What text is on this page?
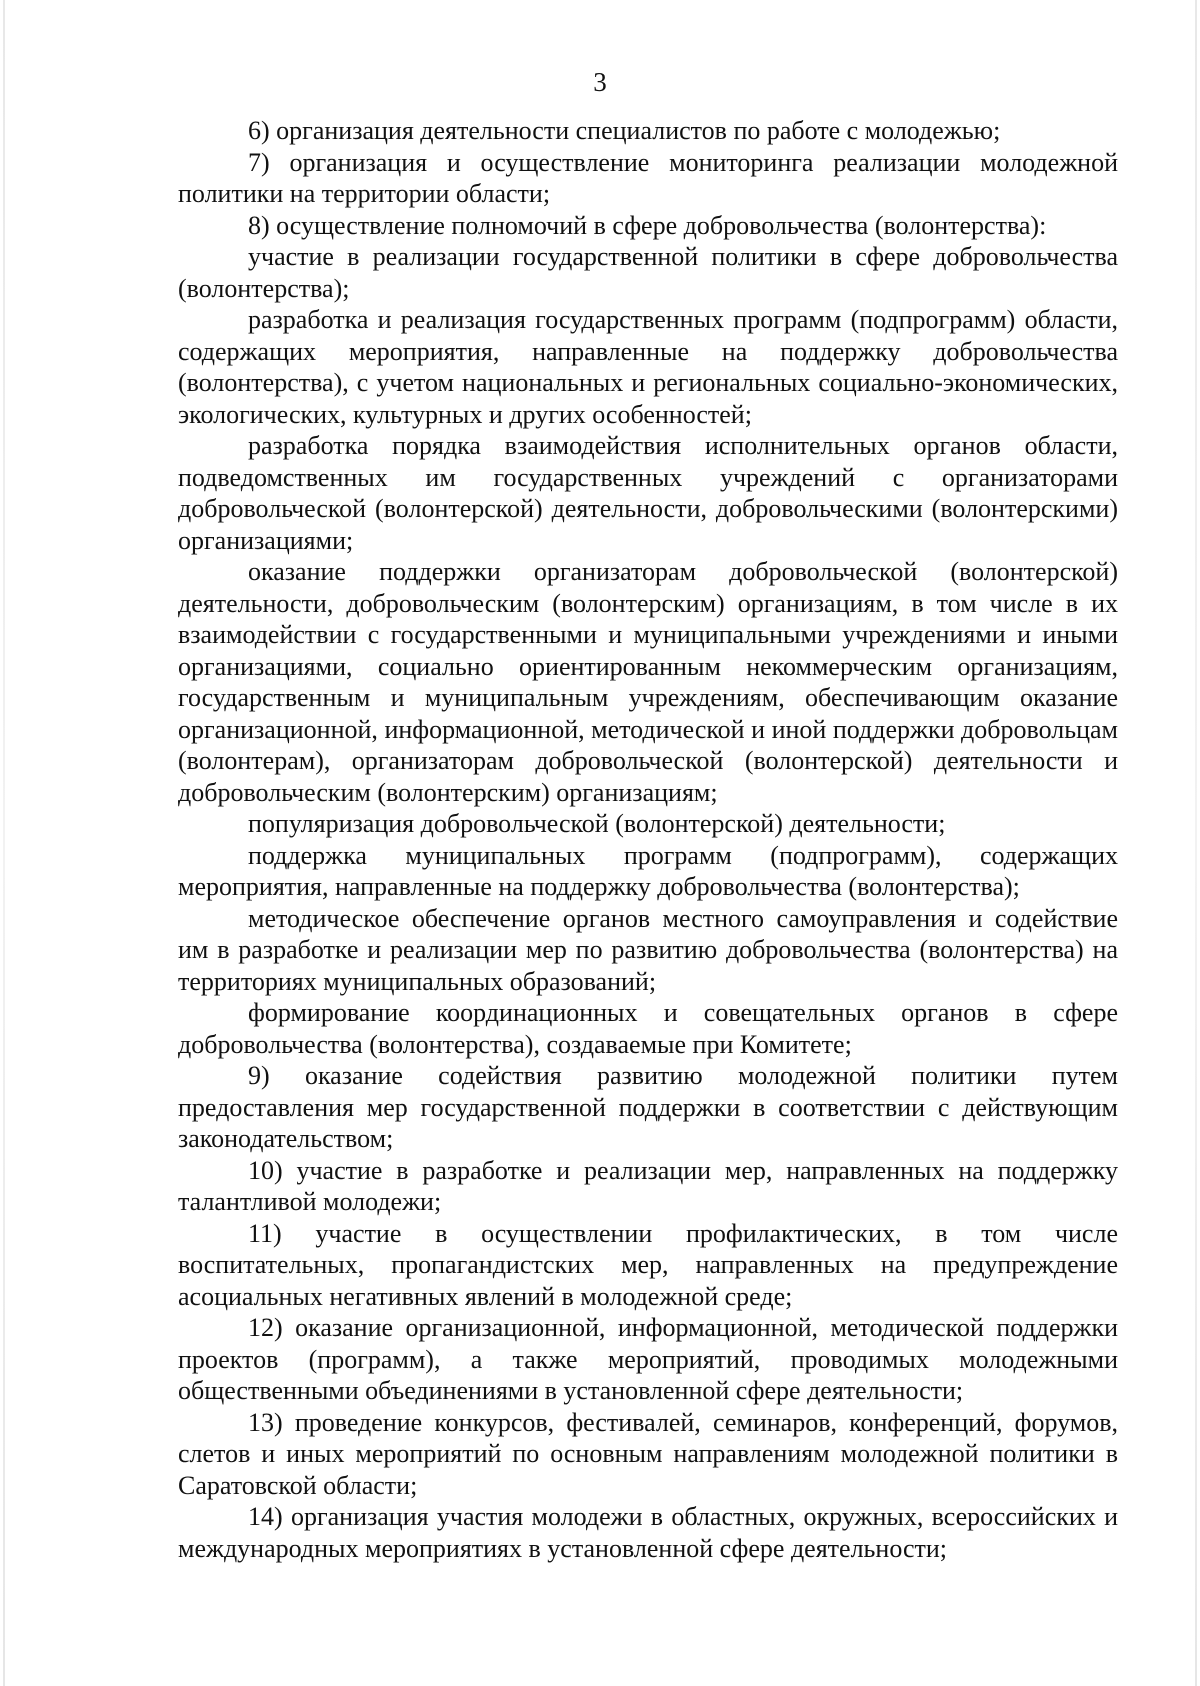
3

6) организация деятельности специалистов по работе с молодежью;

7) организация и осуществление мониторинга реализации молодежной политики на территории области;

8) осуществление полномочий в сфере добровольчества (волонтерства):

участие в реализации государственной политики в сфере добровольчества (волонтерства);

разработка и реализация государственных программ (подпрограмм) области, содержащих мероприятия, направленные на поддержку добровольчества (волонтерства), с учетом национальных и региональных социально-экономических, экологических, культурных и других особенностей;

разработка порядка взаимодействия исполнительных органов области, подведомственных им государственных учреждений с организаторами добровольческой (волонтерской) деятельности, добровольческими (волонтерскими) организациями;

оказание поддержки организаторам добровольческой (волонтерской) деятельности, добровольческим (волонтерским) организациям, в том числе в их взаимодействии с государственными и муниципальными учреждениями и иными организациями, социально ориентированным некоммерческим организациям, государственным и муниципальным учреждениям, обеспечивающим оказание организационной, информационной, методической и иной поддержки добровольцам (волонтерам), организаторам добровольческой (волонтерской) деятельности и добровольческим (волонтерским) организациям;

популяризация добровольческой (волонтерской) деятельности;

поддержка муниципальных программ (подпрограмм), содержащих мероприятия, направленные на поддержку добровольчества (волонтерства);

методическое обеспечение органов местного самоуправления и содействие им в разработке и реализации мер по развитию добровольчества (волонтерства) на территориях муниципальных образований;

формирование координационных и совещательных органов в сфере добровольчества (волонтерства), создаваемые при Комитете;

9) оказание содействия развитию молодежной политики путем предоставления мер государственной поддержки в соответствии с действующим законодательством;

10) участие в разработке и реализации мер, направленных на поддержку талантливой молодежи;

11) участие в осуществлении профилактических, в том числе воспитательных, пропагандистских мер, направленных на предупреждение асоциальных негативных явлений в молодежной среде;

12) оказание организационной, информационной, методической поддержки проектов (программ), а также мероприятий, проводимых молодежными общественными объединениями в установленной сфере деятельности;

13) проведение конкурсов, фестивалей, семинаров, конференций, форумов, слетов и иных мероприятий по основным направлениям молодежной политики в Саратовской области;

14) организация участия молодежи в областных, окружных, всероссийских и международных мероприятиях в установленной сфере деятельности;
